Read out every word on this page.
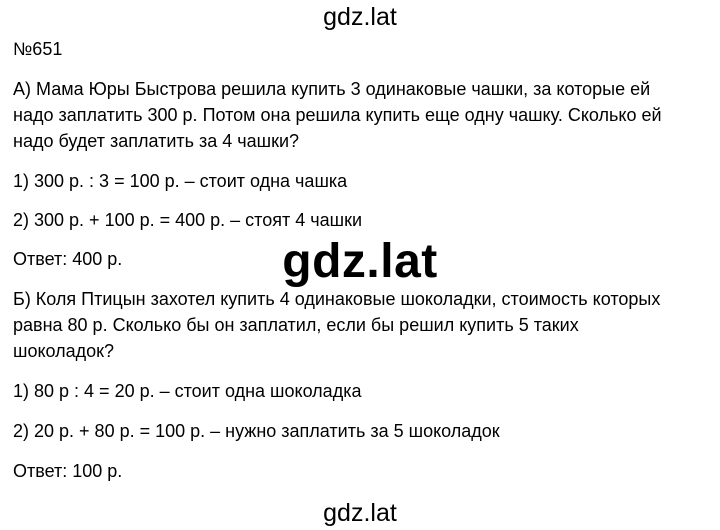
gdz.lat
№651
А) Мама Юры Быстрова решила купить 3 одинаковые чашки, за которые ей
надо заплатить 300 р. Потом она решила купить еще одну чашку. Сколько ей
надо будет заплатить за 4 чашки?
1) 300 р. : 3 = 100 р. – стоит одна чашка
2) 300 р. + 100 р. = 400 р. – стоят 4 чашки
Ответ: 400 р.
Б) Коля Птицын захотел купить 4 одинаковые шоколадки, стоимость которых
равна 80 р. Сколько бы он заплатил, если бы решил купить 5 таких
шоколадок?
1) 80 р : 4 = 20 р. – стоит одна шоколадка
2) 20 р. + 80 р. = 100 р. – нужно заплатить за 5 шоколадок
Ответ: 100 р.
gdz.lat
gdz.lat
